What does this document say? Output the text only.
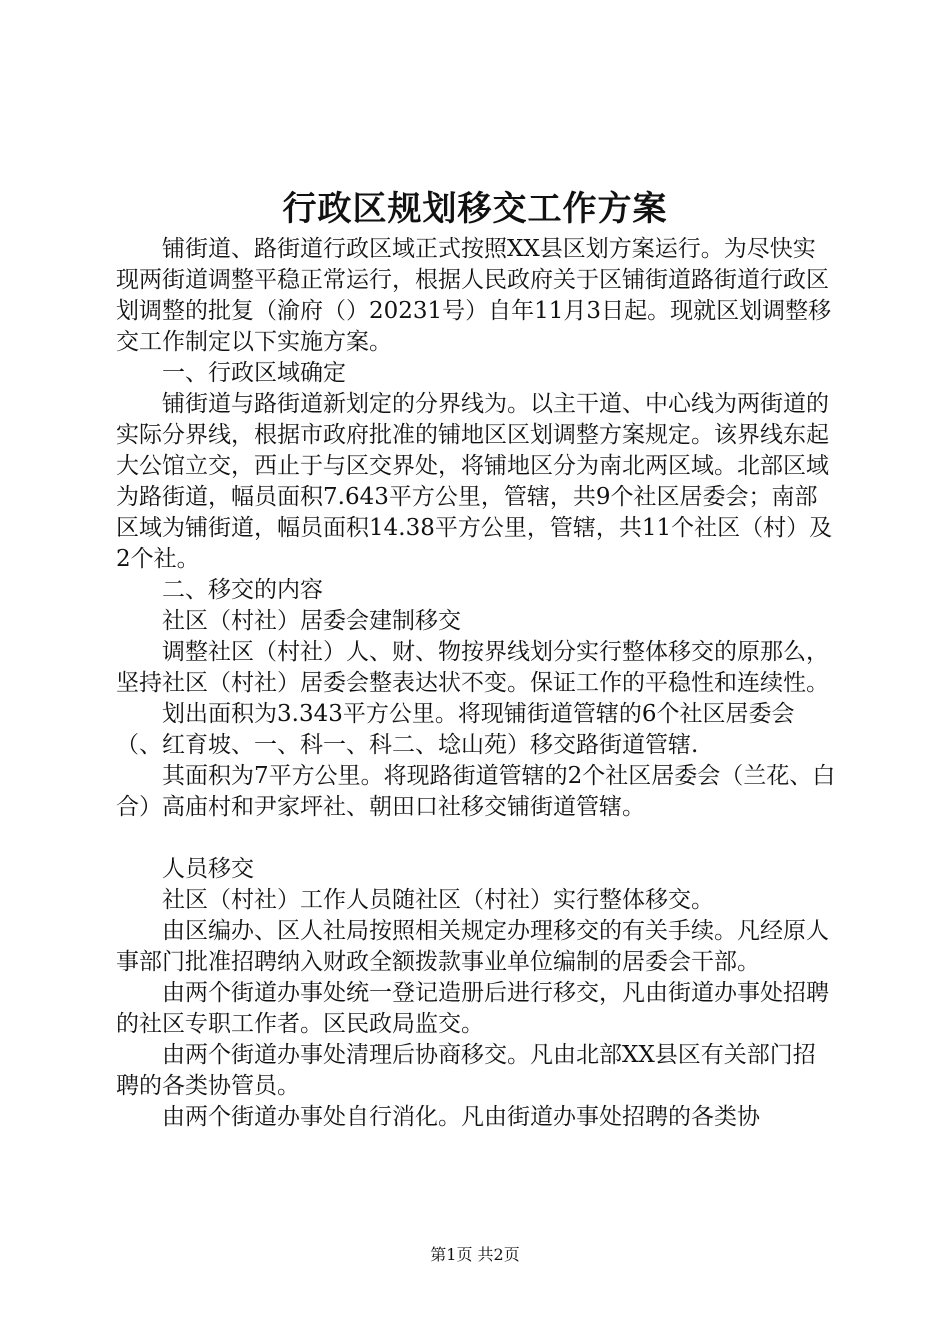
行政区规划移交工作方案

铺街道、路街道行政区域正式按照XX县区划方案运行。为尽快实现两街道调整平稳正常运行，根据人民政府关于区铺街道路街道行政区划调整的批复（渝府（）20231号）自年11月3日起。现就区划调整移交工作制定以下实施方案。

一、行政区域确定

铺街道与路街道新划定的分界线为。以主干道、中心线为两街道的实际分界线，根据市政府批准的铺地区区划调整方案规定。该界线东起大公馆立交，西止于与区交界处，将铺地区分为南北两区域。北部区域为路街道，幅员面积7.643平方公里，管辖，共9个社区居委会；南部区域为铺街道，幅员面积14.38平方公里，管辖，共11个社区（村）及2个社。

二、移交的内容

社区（村社）居委会建制移交

调整社区（村社）人、财、物按界线划分实行整体移交的原那么，坚持社区（村社）居委会整表达状不变。保证工作的平稳性和连续性。

划出面积为3.343平方公里。将现铺街道管辖的6个社区居委会（、红育坡、一、科一、科二、埝山苑）移交路街道管辖.

其面积为7平方公里。将现路街道管辖的2个社区居委会（兰花、白合）高庙村和尹家坪社、朝田口社移交铺街道管辖。

人员移交

社区（村社）工作人员随社区（村社）实行整体移交。

由区编办、区人社局按照相关规定办理移交的有关手续。凡经原人事部门批准招聘纳入财政全额拨款事业单位编制的居委会干部。

由两个街道办事处统一登记造册后进行移交，凡由街道办事处招聘的社区专职工作者。区民政局监交。

由两个街道办事处清理后协商移交。凡由北部XX县区有关部门招聘的各类协管员。

由两个街道办事处自行消化。凡由街道办事处招聘的各类协

第1页 共2页
